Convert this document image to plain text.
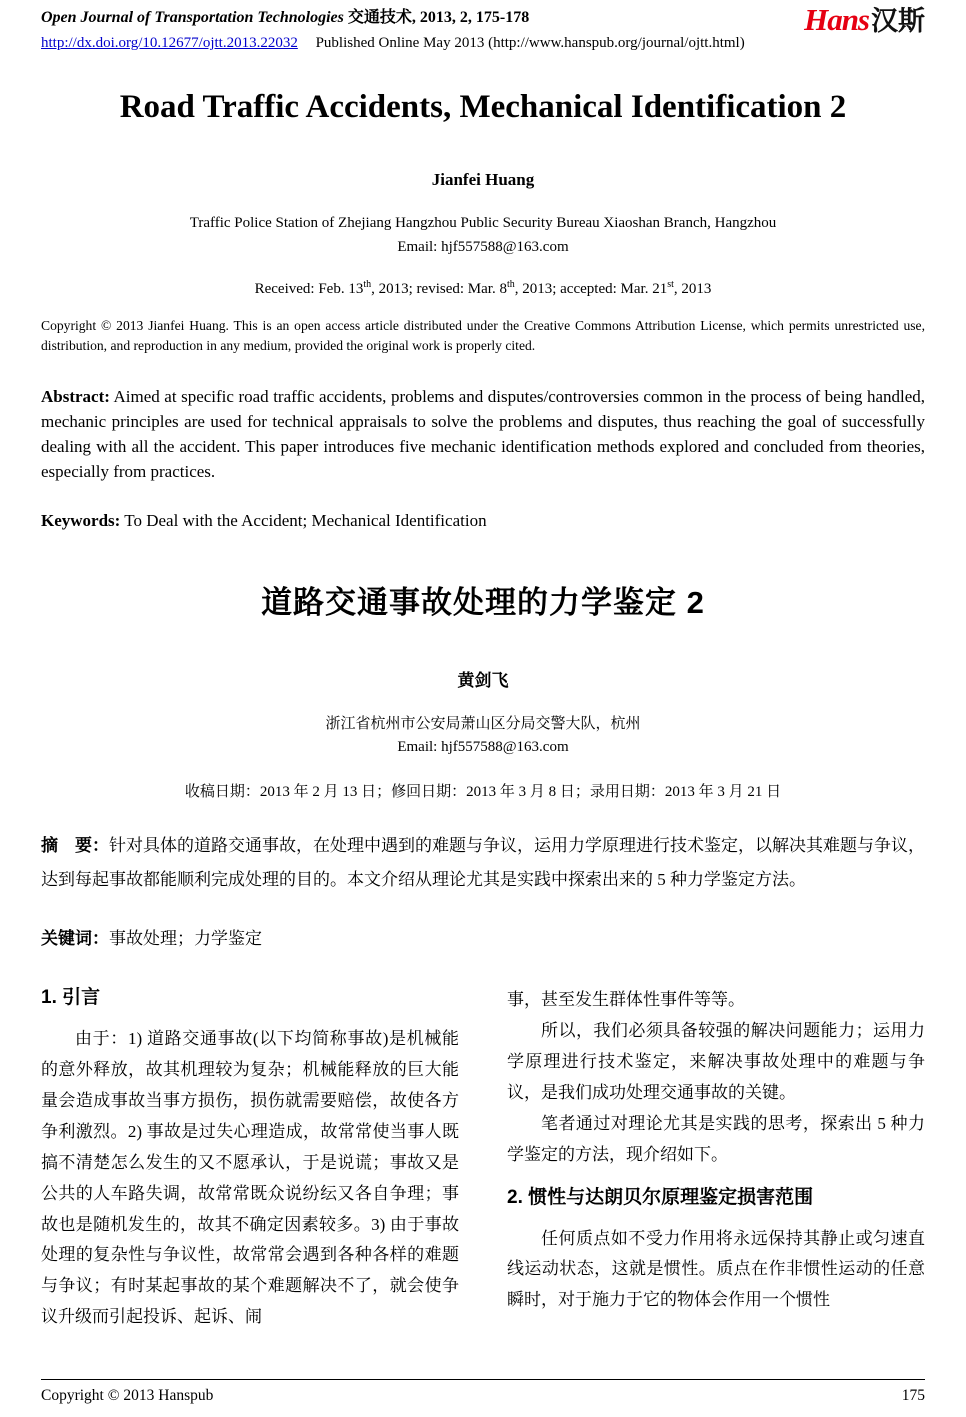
Open Journal of Transportation Technologies 交通技术, 2013, 2, 175-178
http://dx.doi.org/10.12677/ojtt.2013.22032 Published Online May 2013 (http://www.hanspub.org/journal/ojtt.html)
Hans汉斯
Road Traffic Accidents, Mechanical Identification 2
Jianfei Huang
Traffic Police Station of Zhejiang Hangzhou Public Security Bureau Xiaoshan Branch, Hangzhou
Email: hjf557588@163.com
Received: Feb. 13th, 2013; revised: Mar. 8th, 2013; accepted: Mar. 21st, 2013

Copyright © 2013 Jianfei Huang. This is an open access article distributed under the Creative Commons Attribution License, which permits unrestricted use, distribution, and reproduction in any medium, provided the original work is properly cited.

Abstract: Aimed at specific road traffic accidents, problems and disputes/controversies common in the process of being handled, mechanic principles are used for technical appraisals to solve the problems and disputes, thus reaching the goal of successfully dealing with all the accident. This paper introduces five mechanic identification methods explored and concluded from theories, especially from practices.

Keywords: To Deal with the Accident; Mechanical Identification

道路交通事故处理的力学鉴定 2
黄剑飞
浙江省杭州市公安局萧山区分局交警大队，杭州
Email: hjf557588@163.com
收稿日期：2013 年 2 月 13 日；修回日期：2013 年 3 月 8 日；录用日期：2013 年 3 月 21 日

摘　要：针对具体的道路交通事故，在处理中遇到的难题与争议，运用力学原理进行技术鉴定，以解决其难题与争议，达到每起事故都能顺利完成处理的目的。本文介绍从理论尤其是实践中探索出来的 5 种力学鉴定方法。

关键词：事故处理；力学鉴定

1. 引言

由于：1) 道路交通事故(以下均简称事故)是机械能的意外释放，故其机理较为复杂；机械能释放的巨大能量会造成事故当事方损伤，损伤就需要赔偿，故使各方争利激烈。2) 事故是过失心理造成，故常常使当事人既搞不清楚怎么发生的又不愿承认，于是说谎；事故又是公共的人车路失调，故常常既众说纷纭又各自争理；事故也是随机发生的，故其不确定因素较多。3) 由于事故处理的复杂性与争议性，故常常会遇到各种各样的难题与争议；有时某起事故的某个难题解决不了，就会使争议升级而引起投诉、起诉、闹

事，甚至发生群体性事件等等。

所以，我们必须具备较强的解决问题能力；运用力学原理进行技术鉴定，来解决事故处理中的难题与争议，是我们成功处理交通事故的关键。

笔者通过对理论尤其是实践的思考，探索出 5 种力学鉴定的方法，现介绍如下。

2. 惯性与达朗贝尔原理鉴定损害范围

任何质点如不受力作用将永远保持其静止或匀速直线运动状态，这就是惯性。质点在作非惯性运动的任意瞬时，对于施力于它的物体会作用一个惯性

Copyright © 2013 Hanspub	175
